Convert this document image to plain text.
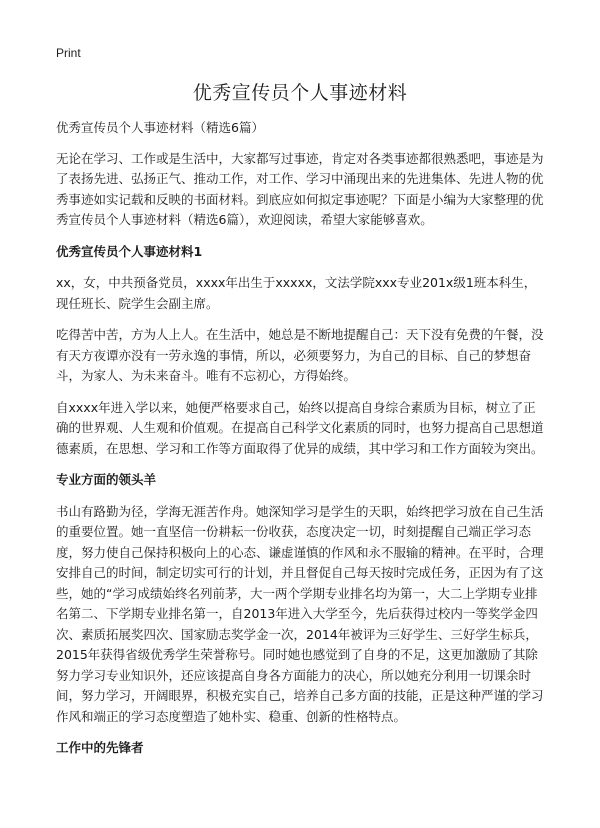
Print
优秀宣传员个人事迹材料

优秀宣传员个人事迹材料（精选6篇）

无论在学习、工作或是生活中，大家都写过事迹，肯定对各类事迹都很熟悉吧，事迹是为了表扬先进、弘扬正气、推动工作，对工作、学习中涌现出来的先进集体、先进人物的优秀事迹如实记载和反映的书面材料。到底应如何拟定事迹呢？下面是小编为大家整理的优秀宣传员个人事迹材料（精选6篇），欢迎阅读，希望大家能够喜欢。

优秀宣传员个人事迹材料1

xx，女，中共预备党员，xxxx年出生于xxxxx，文法学院xxx专业201x级1班本科生，现任班长、院学生会副主席。

吃得苦中苦，方为人上人。在生活中，她总是不断地提醒自己：天下没有免费的午餐，没有天方夜谭亦没有一劳永逸的事情，所以，必须要努力，为自己的目标、自己的梦想奋斗，为家人、为未来奋斗。唯有不忘初心，方得始终。

自xxxx年进入学以来，她便严格要求自己，始终以提高自身综合素质为目标，树立了正确的世界观、人生观和价值观。在提高自己科学文化素质的同时，也努力提高自己思想道德素质，在思想、学习和工作等方面取得了优异的成绩，其中学习和工作方面较为突出。

专业方面的领头羊

书山有路勤为径，学海无涯苦作舟。她深知学习是学生的天职，始终把学习放在自己生活的重要位置。她一直坚信一份耕耘一份收获，态度决定一切，时刻提醒自己端正学习态度，努力使自己保持积极向上的心态、谦虚谨慎的作风和永不服输的精神。在平时，合理安排自己的时间，制定切实可行的计划，并且督促自己每天按时完成任务，正因为有了这些，她的“学习成绩始终名列前茅，大一两个学期专业排名均为第一，大二上学期专业排名第二、下学期专业排名第一，自2013年进入大学至今，先后获得过校内一等奖学金四次、素质拓展奖四次、国家励志奖学金一次，2014年被评为三好学生、三好学生标兵，2015年获得省级优秀学生荣誉称号。同时她也感觉到了自身的不足，这更加激励了其除努力学习专业知识外，还应该提高自身各方面能力的决心，所以她充分利用一切课余时间，努力学习，开阔眼界，积极充实自己，培养自己多方面的技能，正是这种严谨的学习作风和端正的学习态度塑造了她朴实、稳重、创新的性格特点。

工作中的先锋者
